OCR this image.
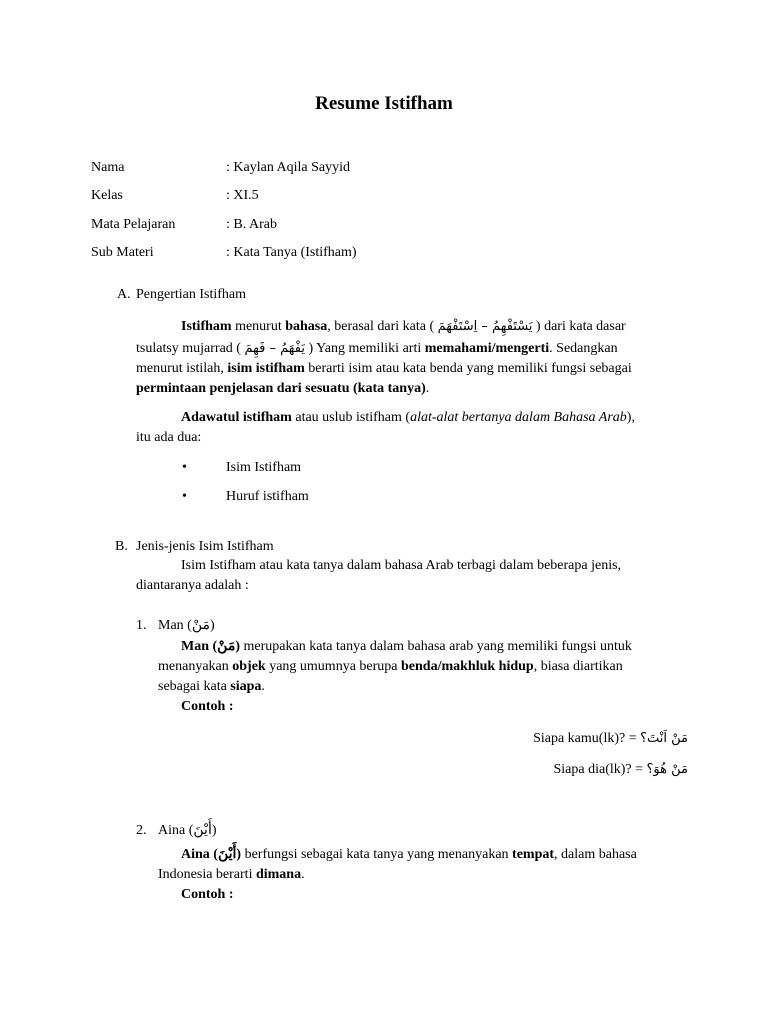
Resume Istifham
Nama	: Kaylan Aqila Sayyid
Kelas	: XI.5
Mata Pelajaran	: B. Arab
Sub Materi	: Kata Tanya (Istifham)
A. Pengertian Istifham
Istifham menurut bahasa, berasal dari kata ( يَسْتَفْهِمُ – اِسْتَفْهَمَ ) dari kata dasar
tsulatsy mujarrad ( يَفْهَمُ – فَهِمَ ) Yang memiliki arti memahami/mengerti. Sedangkan
menurut istilah, isim istifham berarti isim atau kata benda yang memiliki fungsi sebagai
permintaan penjelasan dari sesuatu (kata tanya).
Adawatul istifham atau uslub istifham (alat-alat bertanya dalam Bahasa Arab),
itu ada dua:
•	Isim Istifham
•	Huruf istifham
B. Jenis-jenis Isim Istifham
Isim Istifham atau kata tanya dalam bahasa Arab terbagi dalam beberapa jenis,
diantaranya adalah :
1. Man (مَنْ)
Man (مَنْ) merupakan kata tanya dalam bahasa arab yang memiliki fungsi untuk
menanyakan objek yang umumnya berupa benda/makhluk hidup, biasa diartikan
sebagai kata siapa.
Contoh :
Siapa kamu(lk)? = مَنْ اَنْتَ؟
Siapa dia(lk)? = مَنْ هُوَ؟
2. Aina (أَيْنَ)
Aina (أَيْنَ) berfungsi sebagai kata tanya yang menanyakan tempat, dalam bahasa
Indonesia berarti dimana.
Contoh :
